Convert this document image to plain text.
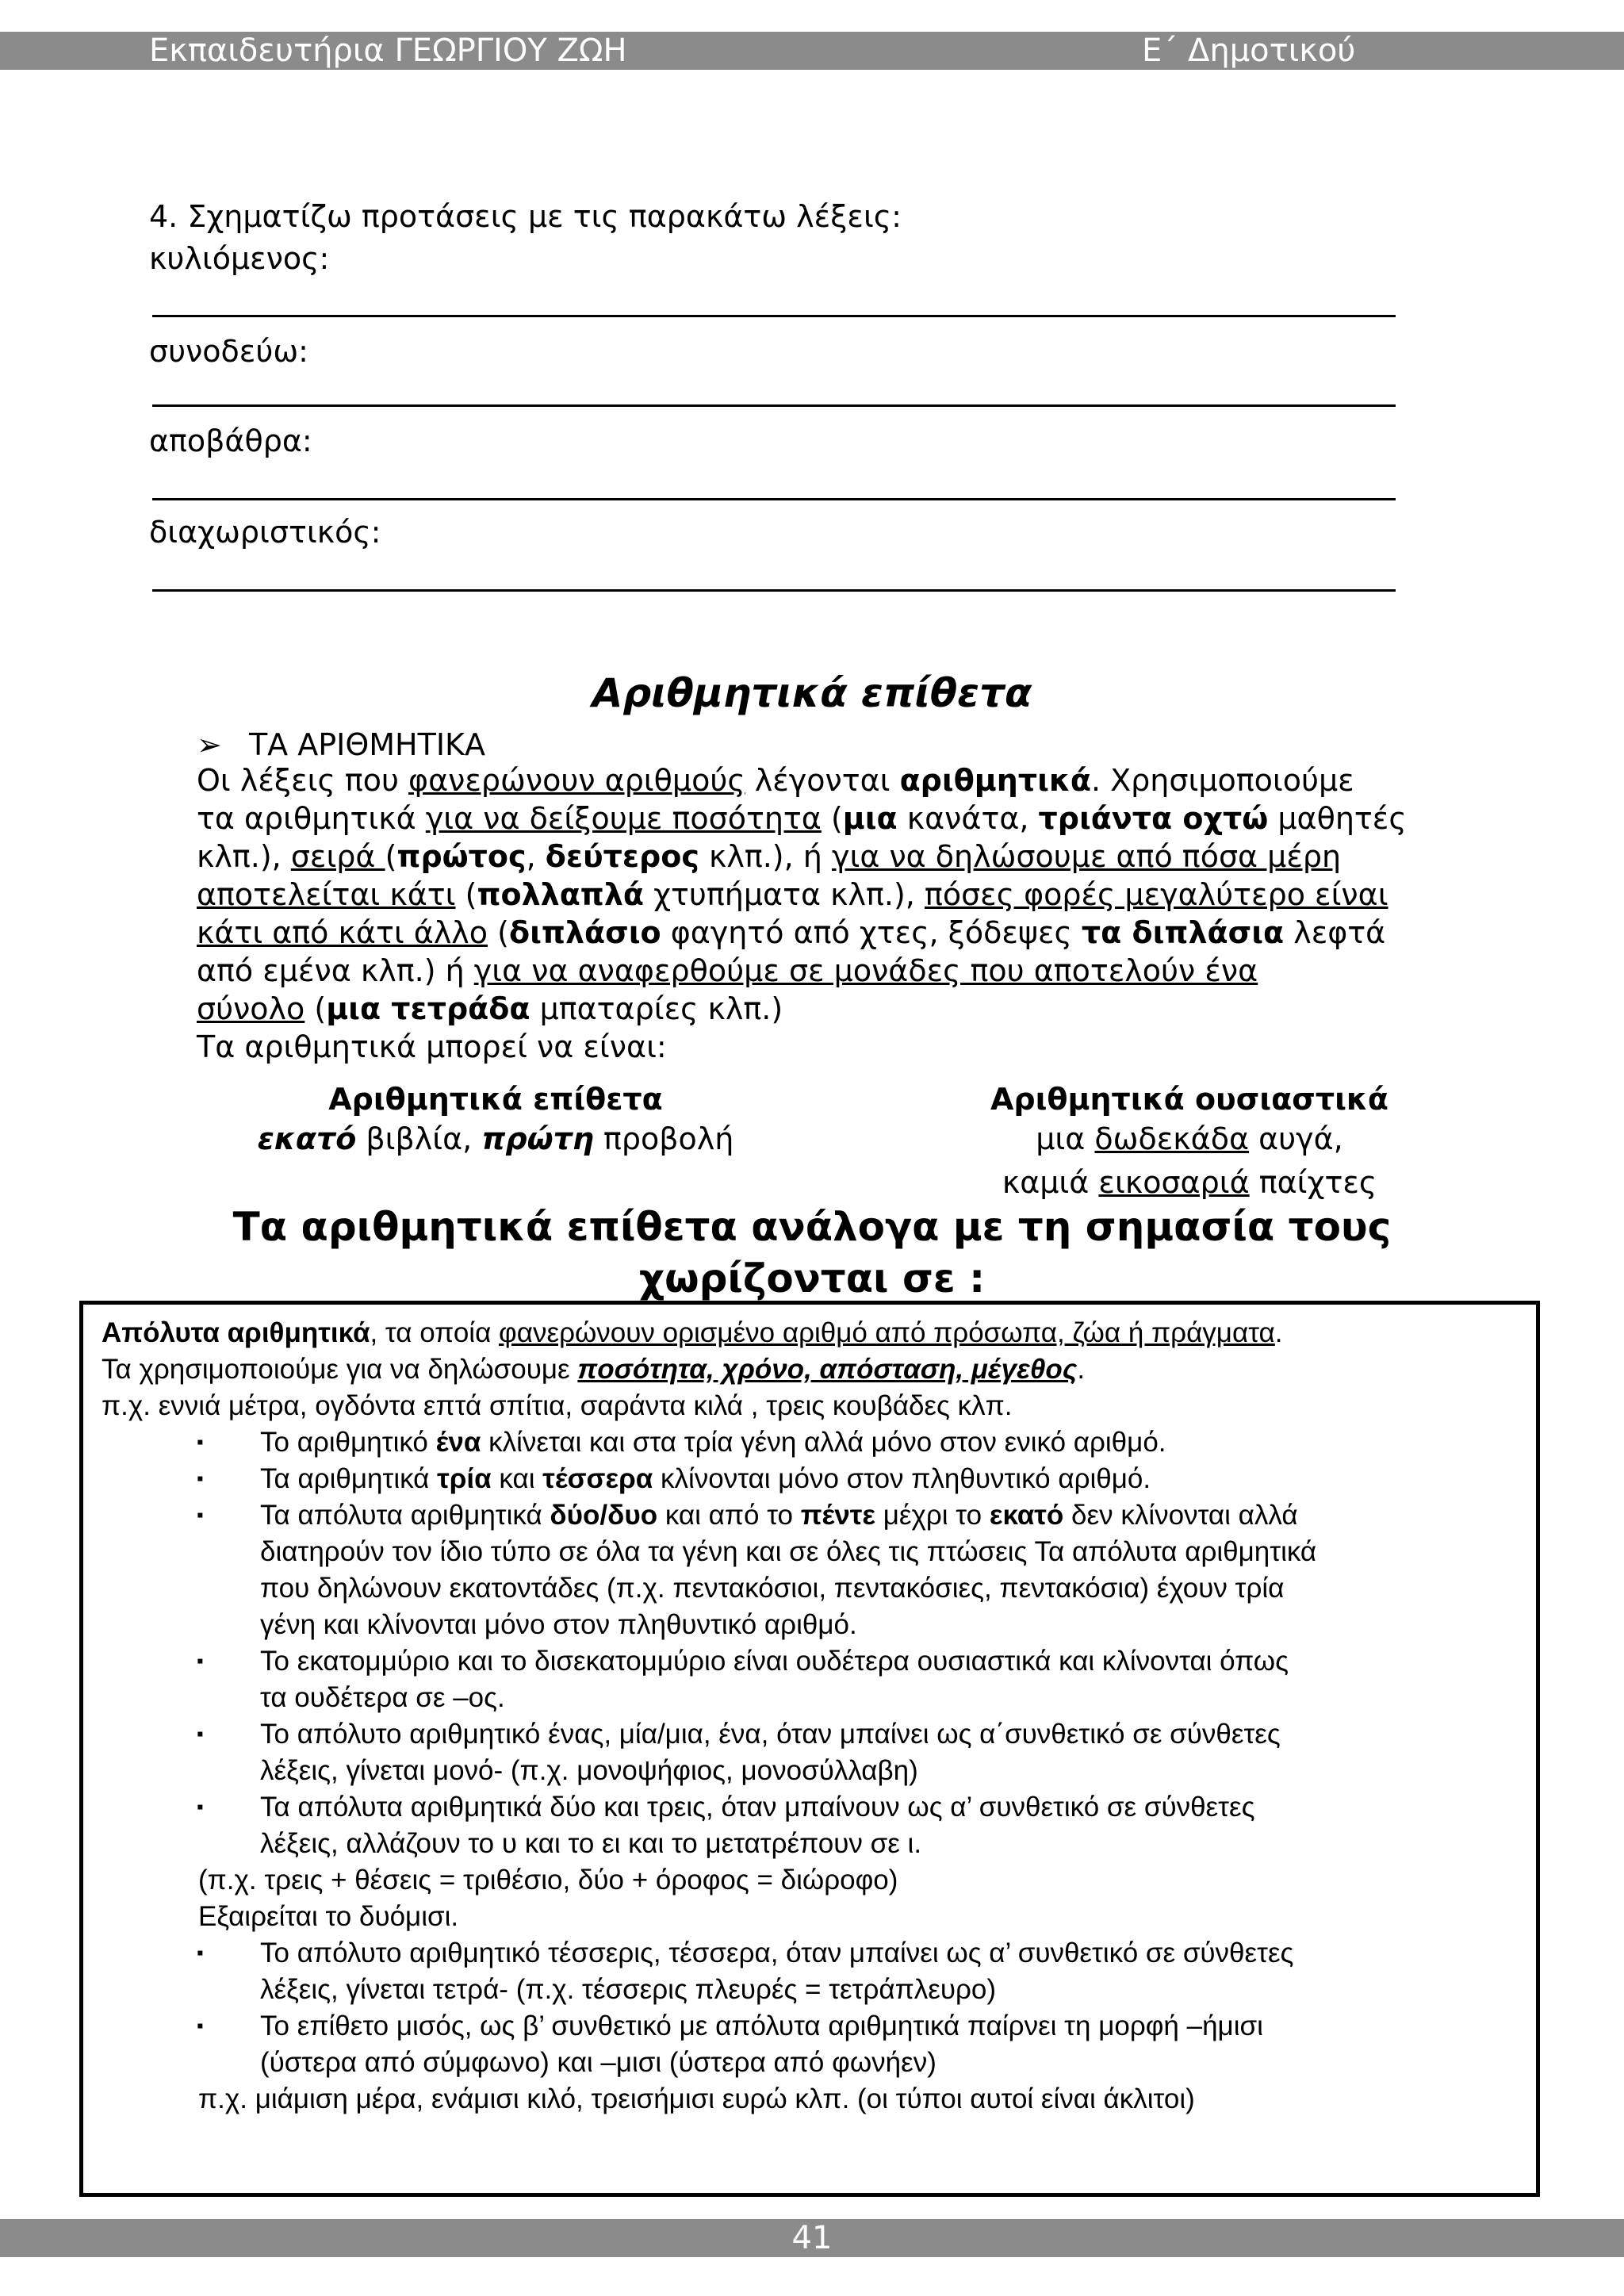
Εκπαιδευτήρια ΓΕΩΡΓΙΟΥ ΖΩΗ	Ε΄ Δημοτικού
4. Σχηματίζω προτάσεις με τις παρακάτω λέξεις:
κυλιόμενος:
συνοδεύω:
αποβάθρα:
διαχωριστικός:
Αριθμητικά επίθετα
➢ ΤΑ ΑΡΙΘΜΗΤΙΚΑ

Οι λέξεις που φανερώνουν αριθμούς λέγονται αριθμητικά. Χρησιμοποιούμε

τα αριθμητικά για να δείξουμε ποσότητα (μια κανάτα, τριάντα οχτώ μαθητές

κλπ.), σειρά (πρώτος, δεύτερος κλπ.), ή για να δηλώσουμε από πόσα μέρη

αποτελείται κάτι (πολλαπλά χτυπήματα κλπ.), πόσες φορές μεγαλύτερο είναι

κάτι από κάτι άλλο (διπλάσιο φαγητό από χτες, ξόδεψες τα διπλάσια λεφτά

από εμένα κλπ.) ή για να αναφερθούμε σε μονάδες που αποτελούν ένα

σύνολο (μια τετράδα μπαταρίες κλπ.)

Τα αριθμητικά μπορεί να είναι:

Αριθμητικά επίθετα
εκατό βιβλία, πρώτη προβολή
Αριθμητικά ουσιαστικά
μια δωδεκάδα αυγά,
καμιά εικοσαριά παίχτες
Τα αριθμητικά επίθετα ανάλογα με τη σημασία τους
χωρίζονται σε :

Απόλυτα αριθμητικά, τα οποία φανερώνουν ορισμένο αριθμό από πρόσωπα, ζώα ή πράγματα.

Τα χρησιμοποιούμε για να δηλώσουμε ποσότητα, χρόνο, απόσταση, μέγεθος.

π.χ. εννιά μέτρα, ογδόντα επτά σπίτια, σαράντα κιλά , τρεις κουβάδες κλπ.

▪	Το αριθμητικό ένα κλίνεται και στα τρία γένη αλλά μόνο στον ενικό αριθμό.

▪	Τα αριθμητικά τρία και τέσσερα κλίνονται μόνο στον πληθυντικό αριθμό.

▪	Τα απόλυτα αριθμητικά δύο/δυο και από το πέντε μέχρι το εκατό δεν κλίνονται αλλά

διατηρούν τον ίδιο τύπο σε όλα τα γένη και σε όλες τις πτώσεις Τα απόλυτα αριθμητικά

που δηλώνουν εκατοντάδες (π.χ. πεντακόσιοι, πεντακόσιες, πεντακόσια) έχουν τρία

γένη και κλίνονται μόνο στον πληθυντικό αριθμό.

▪	Το εκατομμύριο και το δισεκατομμύριο είναι ουδέτερα ουσιαστικά και κλίνονται όπως

τα ουδέτερα σε –ος.

▪	Το απόλυτο αριθμητικό ένας, μία/μια, ένα, όταν μπαίνει ως α΄συνθετικό σε σύνθετες

λέξεις, γίνεται μονό- (π.χ. μονοψήφιος, μονοσύλλαβη)

▪	Τα απόλυτα αριθμητικά δύο και τρεις, όταν μπαίνουν ως α’ συνθετικό σε σύνθετες

λέξεις, αλλάζουν το υ και το ει και το μετατρέπουν σε ι.

(π.χ. τρεις + θέσεις = τριθέσιο, δύο + όροφος = διώροφο)

Εξαιρείται το δυόμισι.

▪	Το απόλυτο αριθμητικό τέσσερις, τέσσερα, όταν μπαίνει ως α’ συνθετικό σε σύνθετες

λέξεις, γίνεται τετρά- (π.χ. τέσσερις πλευρές = τετράπλευρο)

▪	Το επίθετο μισός, ως β’ συνθετικό με απόλυτα αριθμητικά παίρνει τη μορφή –ήμισι

(ύστερα από σύμφωνο) και –μισι (ύστερα από φωνήεν)

π.χ. μιάμιση μέρα, ενάμισι κιλό, τρεισήμισι ευρώ κλπ. (οι τύποι αυτοί είναι άκλιτοι)

41
